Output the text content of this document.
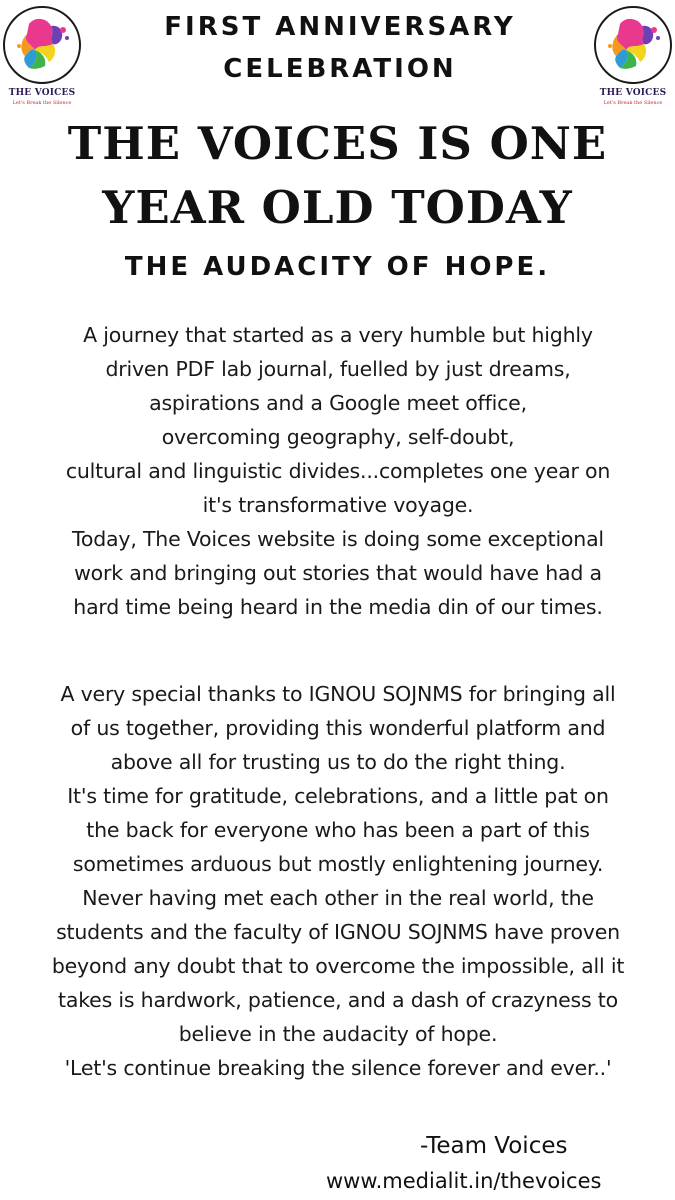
THE VOICES
Let's Break the Silence
THE VOICES
Let's Break the Silence
FIRST ANNIVERSARY
CELEBRATION
THE VOICES IS ONE
YEAR OLD TODAY
THE AUDACITY OF HOPE.
A journey that started as a very humble but highly
driven PDF lab journal, fuelled by just dreams,
aspirations and a Google meet office,
overcoming geography, self-doubt,
cultural and linguistic divides...completes one year on
it's transformative voyage.
Today, The Voices website is doing some exceptional
work and bringing out stories that would have had a
hard time being heard in the media din of our times.
A very special thanks to IGNOU SOJNMS for bringing all
of us together, providing this wonderful platform and
above all for trusting us to do the right thing.
It's time for gratitude, celebrations, and a little pat on
the back for everyone who has been a part of this
sometimes arduous but mostly enlightening journey.
Never having met each other in the real world, the
students and the faculty of IGNOU SOJNMS have proven
beyond any doubt that to overcome the impossible, all it
takes is hardwork, patience, and a dash of crazyness to
believe in the audacity of hope.
'Let's continue breaking the silence forever and ever..'
-Team Voices
www.medialit.in/thevoices
